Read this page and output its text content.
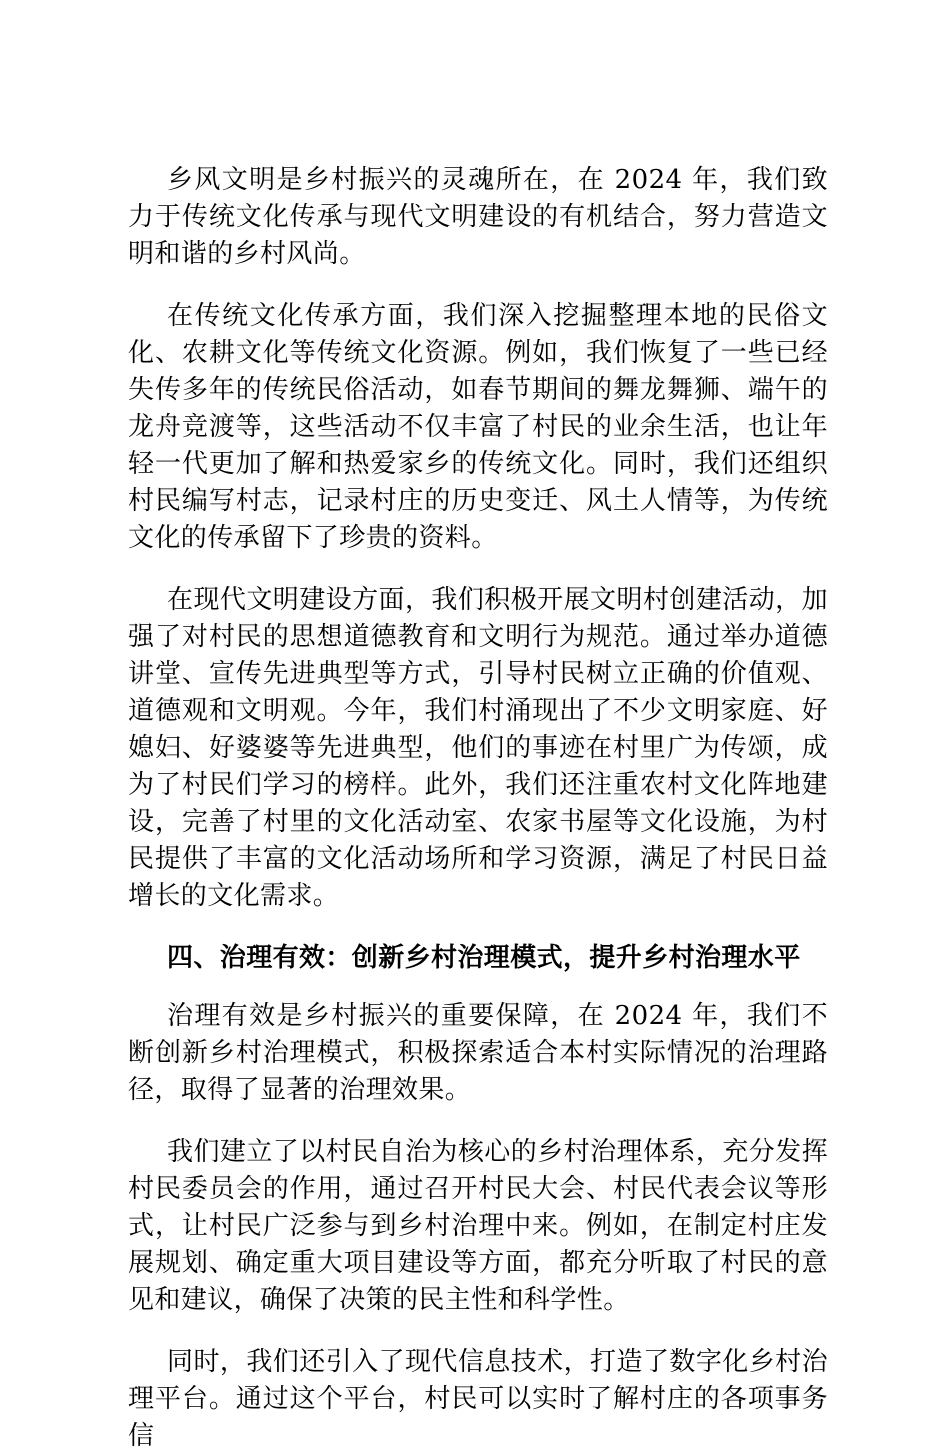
乡风文明是乡村振兴的灵魂所在，在 2024 年，我们致力于传统文化传承与现代文明建设的有机结合，努力营造文明和谐的乡村风尚。

在传统文化传承方面，我们深入挖掘整理本地的民俗文化、农耕文化等传统文化资源。例如，我们恢复了一些已经失传多年的传统民俗活动，如春节期间的舞龙舞狮、端午的龙舟竞渡等，这些活动不仅丰富了村民的业余生活，也让年轻一代更加了解和热爱家乡的传统文化。同时，我们还组织村民编写村志，记录村庄的历史变迁、风土人情等，为传统文化的传承留下了珍贵的资料。

在现代文明建设方面，我们积极开展文明村创建活动，加强了对村民的思想道德教育和文明行为规范。通过举办道德讲堂、宣传先进典型等方式，引导村民树立正确的价值观、道德观和文明观。今年，我们村涌现出了不少文明家庭、好媳妇、好婆婆等先进典型，他们的事迹在村里广为传颂，成为了村民们学习的榜样。此外，我们还注重农村文化阵地建设，完善了村里的文化活动室、农家书屋等文化设施，为村民提供了丰富的文化活动场所和学习资源，满足了村民日益增长的文化需求。

四、治理有效：创新乡村治理模式，提升乡村治理水平

治理有效是乡村振兴的重要保障，在 2024 年，我们不断创新乡村治理模式，积极探索适合本村实际情况的治理路径，取得了显著的治理效果。

我们建立了以村民自治为核心的乡村治理体系，充分发挥村民委员会的作用，通过召开村民大会、村民代表会议等形式，让村民广泛参与到乡村治理中来。例如，在制定村庄发展规划、确定重大项目建设等方面，都充分听取了村民的意见和建议，确保了决策的民主性和科学性。

同时，我们还引入了现代信息技术，打造了数字化乡村治理平台。通过这个平台，村民可以实时了解村庄的各项事务信
